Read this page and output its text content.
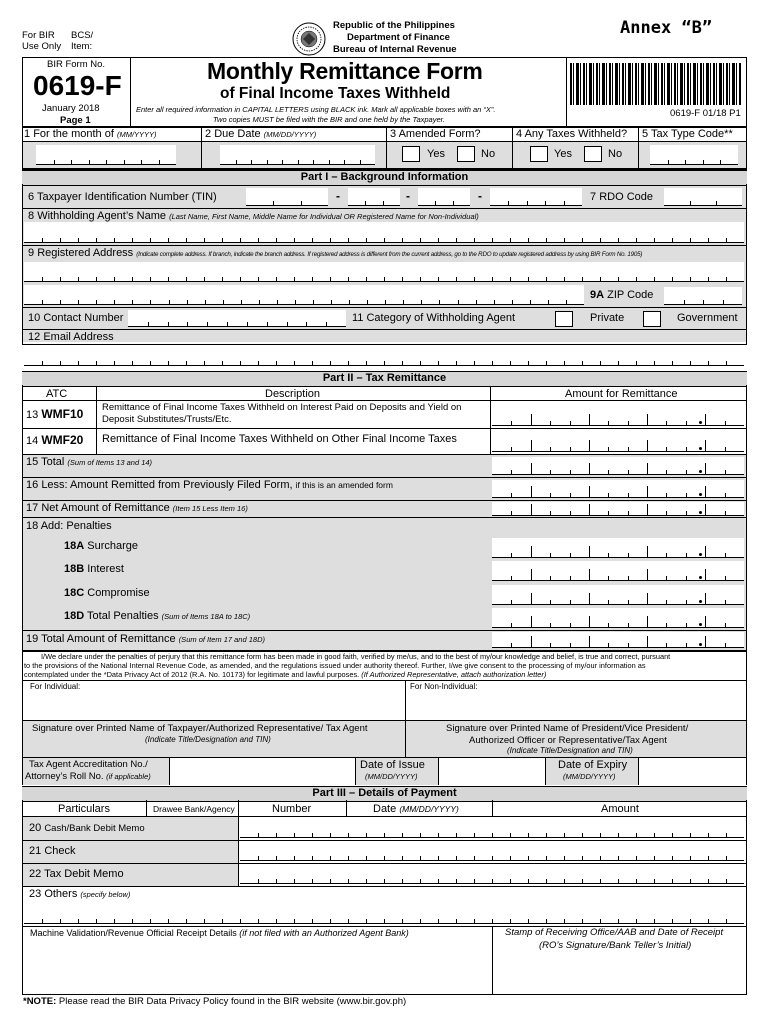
For BIR BCS/
Use Only Item:
Republic of the Philippines
Department of Finance
Bureau of Internal Revenue
Annex “B”
BIR Form No.
0619-F
January 2018
Page 1
Monthly Remittance Form
of Final Income Taxes Withheld
Enter all required information in CAPITAL LETTERS using BLACK ink. Mark all applicable boxes with an “X”.
Two copies MUST be filed with the BIR and one held by the Taxpayer.
0619-F 01/18 P1
1 For the month of (MM/YYYY)	2 Due Date (MM/DD/YYYY)	3 Amended Form?	4 Any Taxes Withheld? 5 Tax Type Code**
Yes	No	Yes	No
Part I – Background Information
6 Taxpayer Identification Number (TIN)	-	-	-	7 RDO Code
8 Withholding Agent’s Name (Last Name, First Name, Middle Name for Individual OR Registered Name for Non-Individual)
9 Registered Address (Indicate complete address. If branch, indicate the branch address. If registered address is different from the current address, go to the RDO to update registered address by using BIR Form No. 1905)
9A ZIP Code
10 Contact Number	11 Category of Withholding Agent	Private	Government
12 Email Address
Part II – Tax Remittance
ATC	Description	Amount for Remittance
13 WMF10 Remittance of Final Income Taxes Withheld on Interest Paid on Deposits and Yield on
Deposit Substitutes/Trusts/Etc.
14 WMF20 Remittance of Final Income Taxes Withheld on Other Final Income Taxes
15 Total (Sum of Items 13 and 14)
16 Less: Amount Remitted from Previously Filed Form, if this is an amended form
17 Net Amount of Remittance (Item 15 Less Item 16)
18 Add: Penalties
18A Surcharge
18B Interest
18C Compromise
18D Total Penalties (Sum of Items 18A to 18C)
19 Total Amount of Remittance (Sum of Item 17 and 18D)
I/We declare under the penalties of perjury that this remittance form has been made in good faith, verified by me/us, and to the best of my/our knowledge and belief, is true and correct, pursuant
to the provisions of the National Internal Revenue Code, as amended, and the regulations issued under authority thereof. Further, I/we give consent to the processing of my/our information as
contemplated under the *Data Privacy Act of 2012 (R.A. No. 10173) for legitimate and lawful purposes. (If Authorized Representative, attach authorization letter)
For Individual:	For Non-Individual:
Signature over Printed Name of Taxpayer/Authorized Representative/ Tax Agent
(Indicate Title/Designation and TIN)
Signature over Printed Name of President/Vice President/
Authorized Officer or Representative/Tax Agent
(Indicate Title/Designation and TIN)
Tax Agent Accreditation No./
Attorney’s Roll No. (if applicable)
Date of Issue
(MM/DD/YYYY)
Date of Expiry
(MM/DD/YYYY)
Part III – Details of Payment
Particulars	Drawee Bank/Agency	Number	Date (MM/DD/YYYY)	Amount
20 Cash/Bank Debit Memo
21 Check
22 Tax Debit Memo
23 Others (specify below)
Machine Validation/Revenue Official Receipt Details (if not filed with an Authorized Agent Bank)	Stamp of Receiving Office/AAB and Date of Receipt
(RO’s Signature/Bank Teller’s Initial)
*NOTE: Please read the BIR Data Privacy Policy found in the BIR website (www.bir.gov.ph)
